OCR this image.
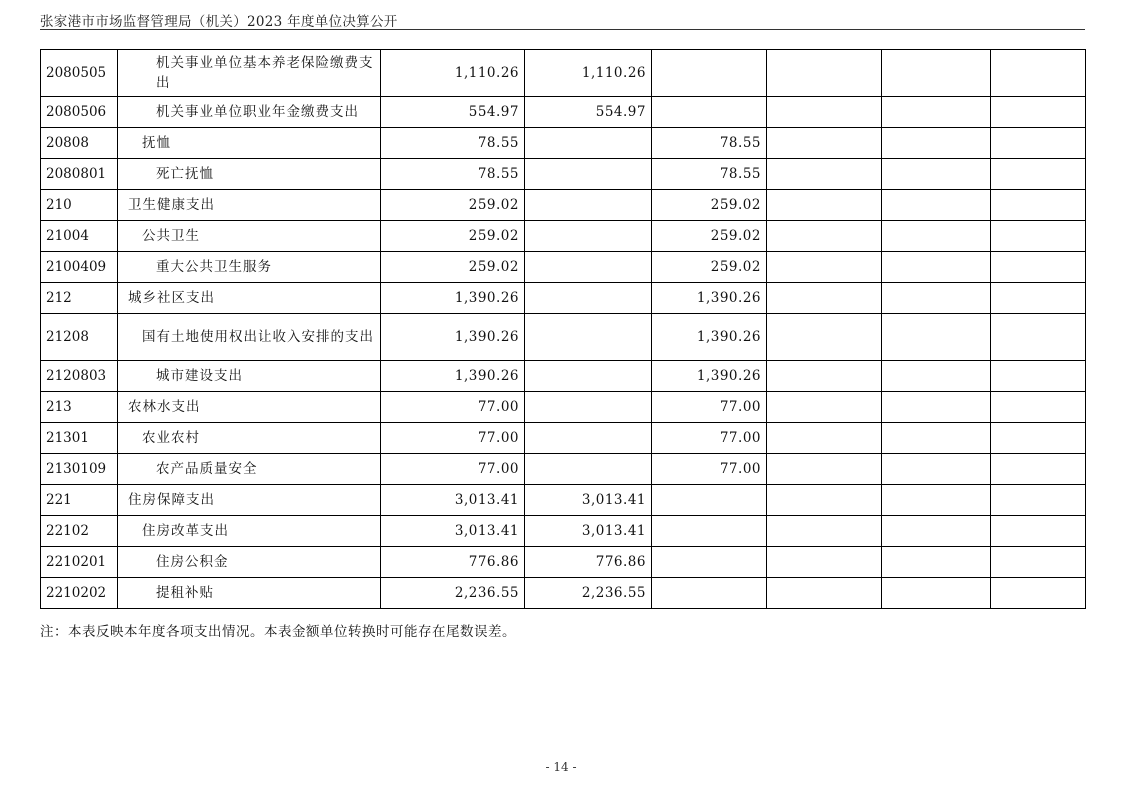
张家港市市场监督管理局（机关）2023 年度单位决算公开
2080505	机关事业单位基本养老保险缴费支出	1,110.26	1,110.26				
2080506	机关事业单位职业年金缴费支出	554.97	554.97				
20808	抚恤	78.55		78.55			
2080801	死亡抚恤	78.55		78.55			
210	卫生健康支出	259.02		259.02			
21004	公共卫生	259.02		259.02			
2100409	重大公共卫生服务	259.02		259.02			
212	城乡社区支出	1,390.26		1,390.26			
21208	国有土地使用权出让收入安排的支出	1,390.26		1,390.26			
2120803	城市建设支出	1,390.26		1,390.26			
213	农林水支出	77.00		77.00			
21301	农业农村	77.00		77.00			
2130109	农产品质量安全	77.00		77.00			
221	住房保障支出	3,013.41	3,013.41				
22102	住房改革支出	3,013.41	3,013.41				
2210201	住房公积金	776.86	776.86				
2210202	提租补贴	2,236.55	2,236.55				
注：本表反映本年度各项支出情况。本表金额单位转换时可能存在尾数误差。
- 14 -
